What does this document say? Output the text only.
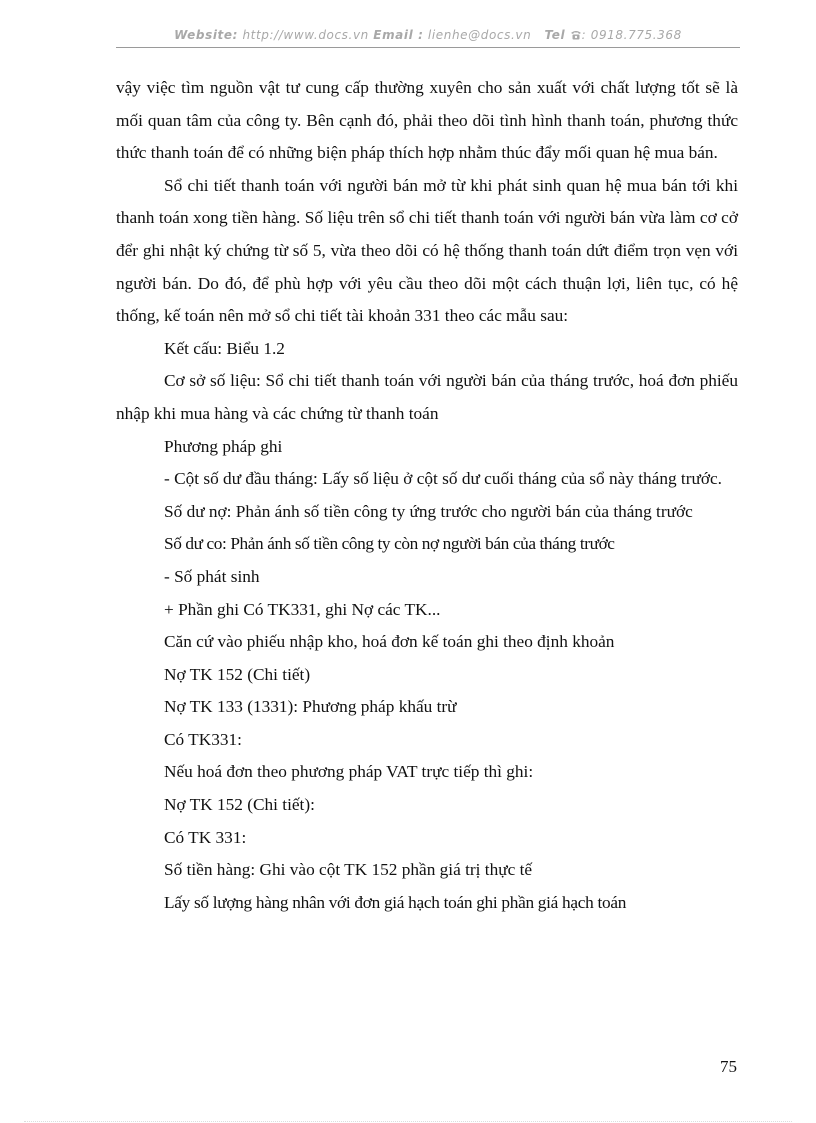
Website: http://www.docs.vn Email : lienhe@docs.vn Tel : 0918.775.368

vậy việc tìm nguồn vật tư cung cấp thường xuyên cho sản xuất với chất lượng tốt sẽ là mối quan tâm của công ty. Bên cạnh đó, phải theo dõi tình hình thanh toán, phương thức thức thanh toán để có những biện pháp thích hợp nhằm thúc đẩy mối quan hệ mua bán.

Sổ chi tiết thanh toán với người bán mở từ khi phát sinh quan hệ mua bán tới khi thanh toán xong tiền hàng. Số liệu trên sổ chi tiết thanh toán với người bán vừa làm cơ cở đểr ghi nhật ký chứng từ số 5, vừa theo dõi có hệ thống thanh toán dứt điểm trọn vẹn với người bán. Do đó, để phù hợp với yêu cầu theo dõi một cách thuận lợi, liên tục, có hệ thống, kế toán nên mở sổ chi tiết tài khoản 331 theo các mẫu sau:

Kết cấu: Biểu 1.2

Cơ sở số liệu: Sổ chi tiết thanh toán với người bán của tháng trước, hoá đơn phiếu nhập khi mua hàng và các chứng từ thanh toán

Phương pháp ghi

- Cột số dư đầu tháng: Lấy số liệu ở cột số dư cuối tháng của sổ này tháng trước.

Số dư nợ: Phản ánh số tiền công ty ứng trước cho người bán của tháng trước

Số dư co: Phản ánh số tiền công ty còn nợ người bán của tháng trước

- Số phát sinh

+ Phần ghi Có TK331, ghi Nợ các TK...

Căn cứ vào phiếu nhập kho, hoá đơn kế toán ghi theo định khoản

Nợ TK 152 (Chi tiết)

Nợ TK 133 (1331): Phương pháp khấu trừ

Có TK331:

Nếu hoá đơn theo phương pháp VAT trực tiếp thì ghi:

Nợ TK 152 (Chi tiết):

Có TK 331:

Số tiền hàng: Ghi vào cột TK 152 phần giá trị thực tế

Lấy số lượng hàng nhân với đơn giá hạch toán ghi phần giá hạch toán

75
